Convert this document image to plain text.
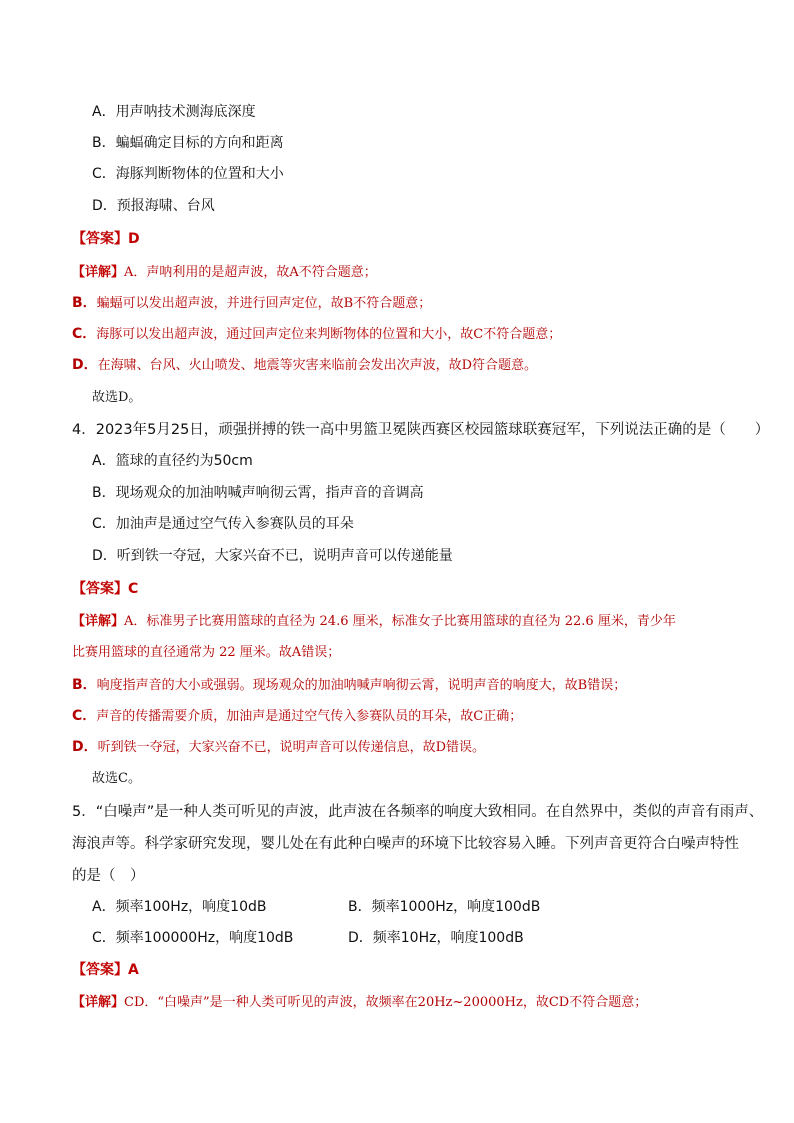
A．用声呐技术测海底深度
B．蝙蝠确定目标的方向和距离
C．海豚判断物体的位置和大小
D．预报海啸、台风
【答案】D
【详解】A．声呐利用的是超声波，故A不符合题意；
B．蝙蝠可以发出超声波，并进行回声定位，故B不符合题意；
C．海豚可以发出超声波，通过回声定位来判断物体的位置和大小，故C不符合题意；
D．在海啸、台风、火山喷发、地震等灾害来临前会发出次声波，故D符合题意。
故选D。
4．2023年5月25日，顽强拼搏的铁一高中男篮卫冕陕西赛区校园篮球联赛冠军，下列说法正确的是（　　）
A．篮球的直径约为50cm
B．现场观众的加油呐喊声响彻云霄，指声音的音调高
C．加油声是通过空气传入参赛队员的耳朵
D．听到铁一夺冠，大家兴奋不已，说明声音可以传递能量
【答案】C
【详解】A．标准男子比赛用篮球的直径为 24.6 厘米，标准女子比赛用篮球的直径为 22.6 厘米，青少年
比赛用篮球的直径通常为 22 厘米。故A错误；
B．响度指声音的大小或强弱。现场观众的加油呐喊声响彻云霄，说明声音的响度大，故B错误；
C．声音的传播需要介质，加油声是通过空气传入参赛队员的耳朵，故C正确；
D．听到铁一夺冠，大家兴奋不已，说明声音可以传递信息，故D错误。
故选C。
5．“白噪声”是一种人类可听见的声波，此声波在各频率的响度大致相同。在自然界中，类似的声音有雨声、
海浪声等。科学家研究发现，婴儿处在有此种白噪声的环境下比较容易入睡。下列声音更符合白噪声特性
的是（　）
A．频率100Hz，响度10dB	B．频率1000Hz，响度100dB
C．频率100000Hz，响度10dB	D．频率10Hz，响度100dB
【答案】A
【详解】CD．“白噪声”是一种人类可听见的声波，故频率在20Hz~20000Hz，故CD不符合题意；
